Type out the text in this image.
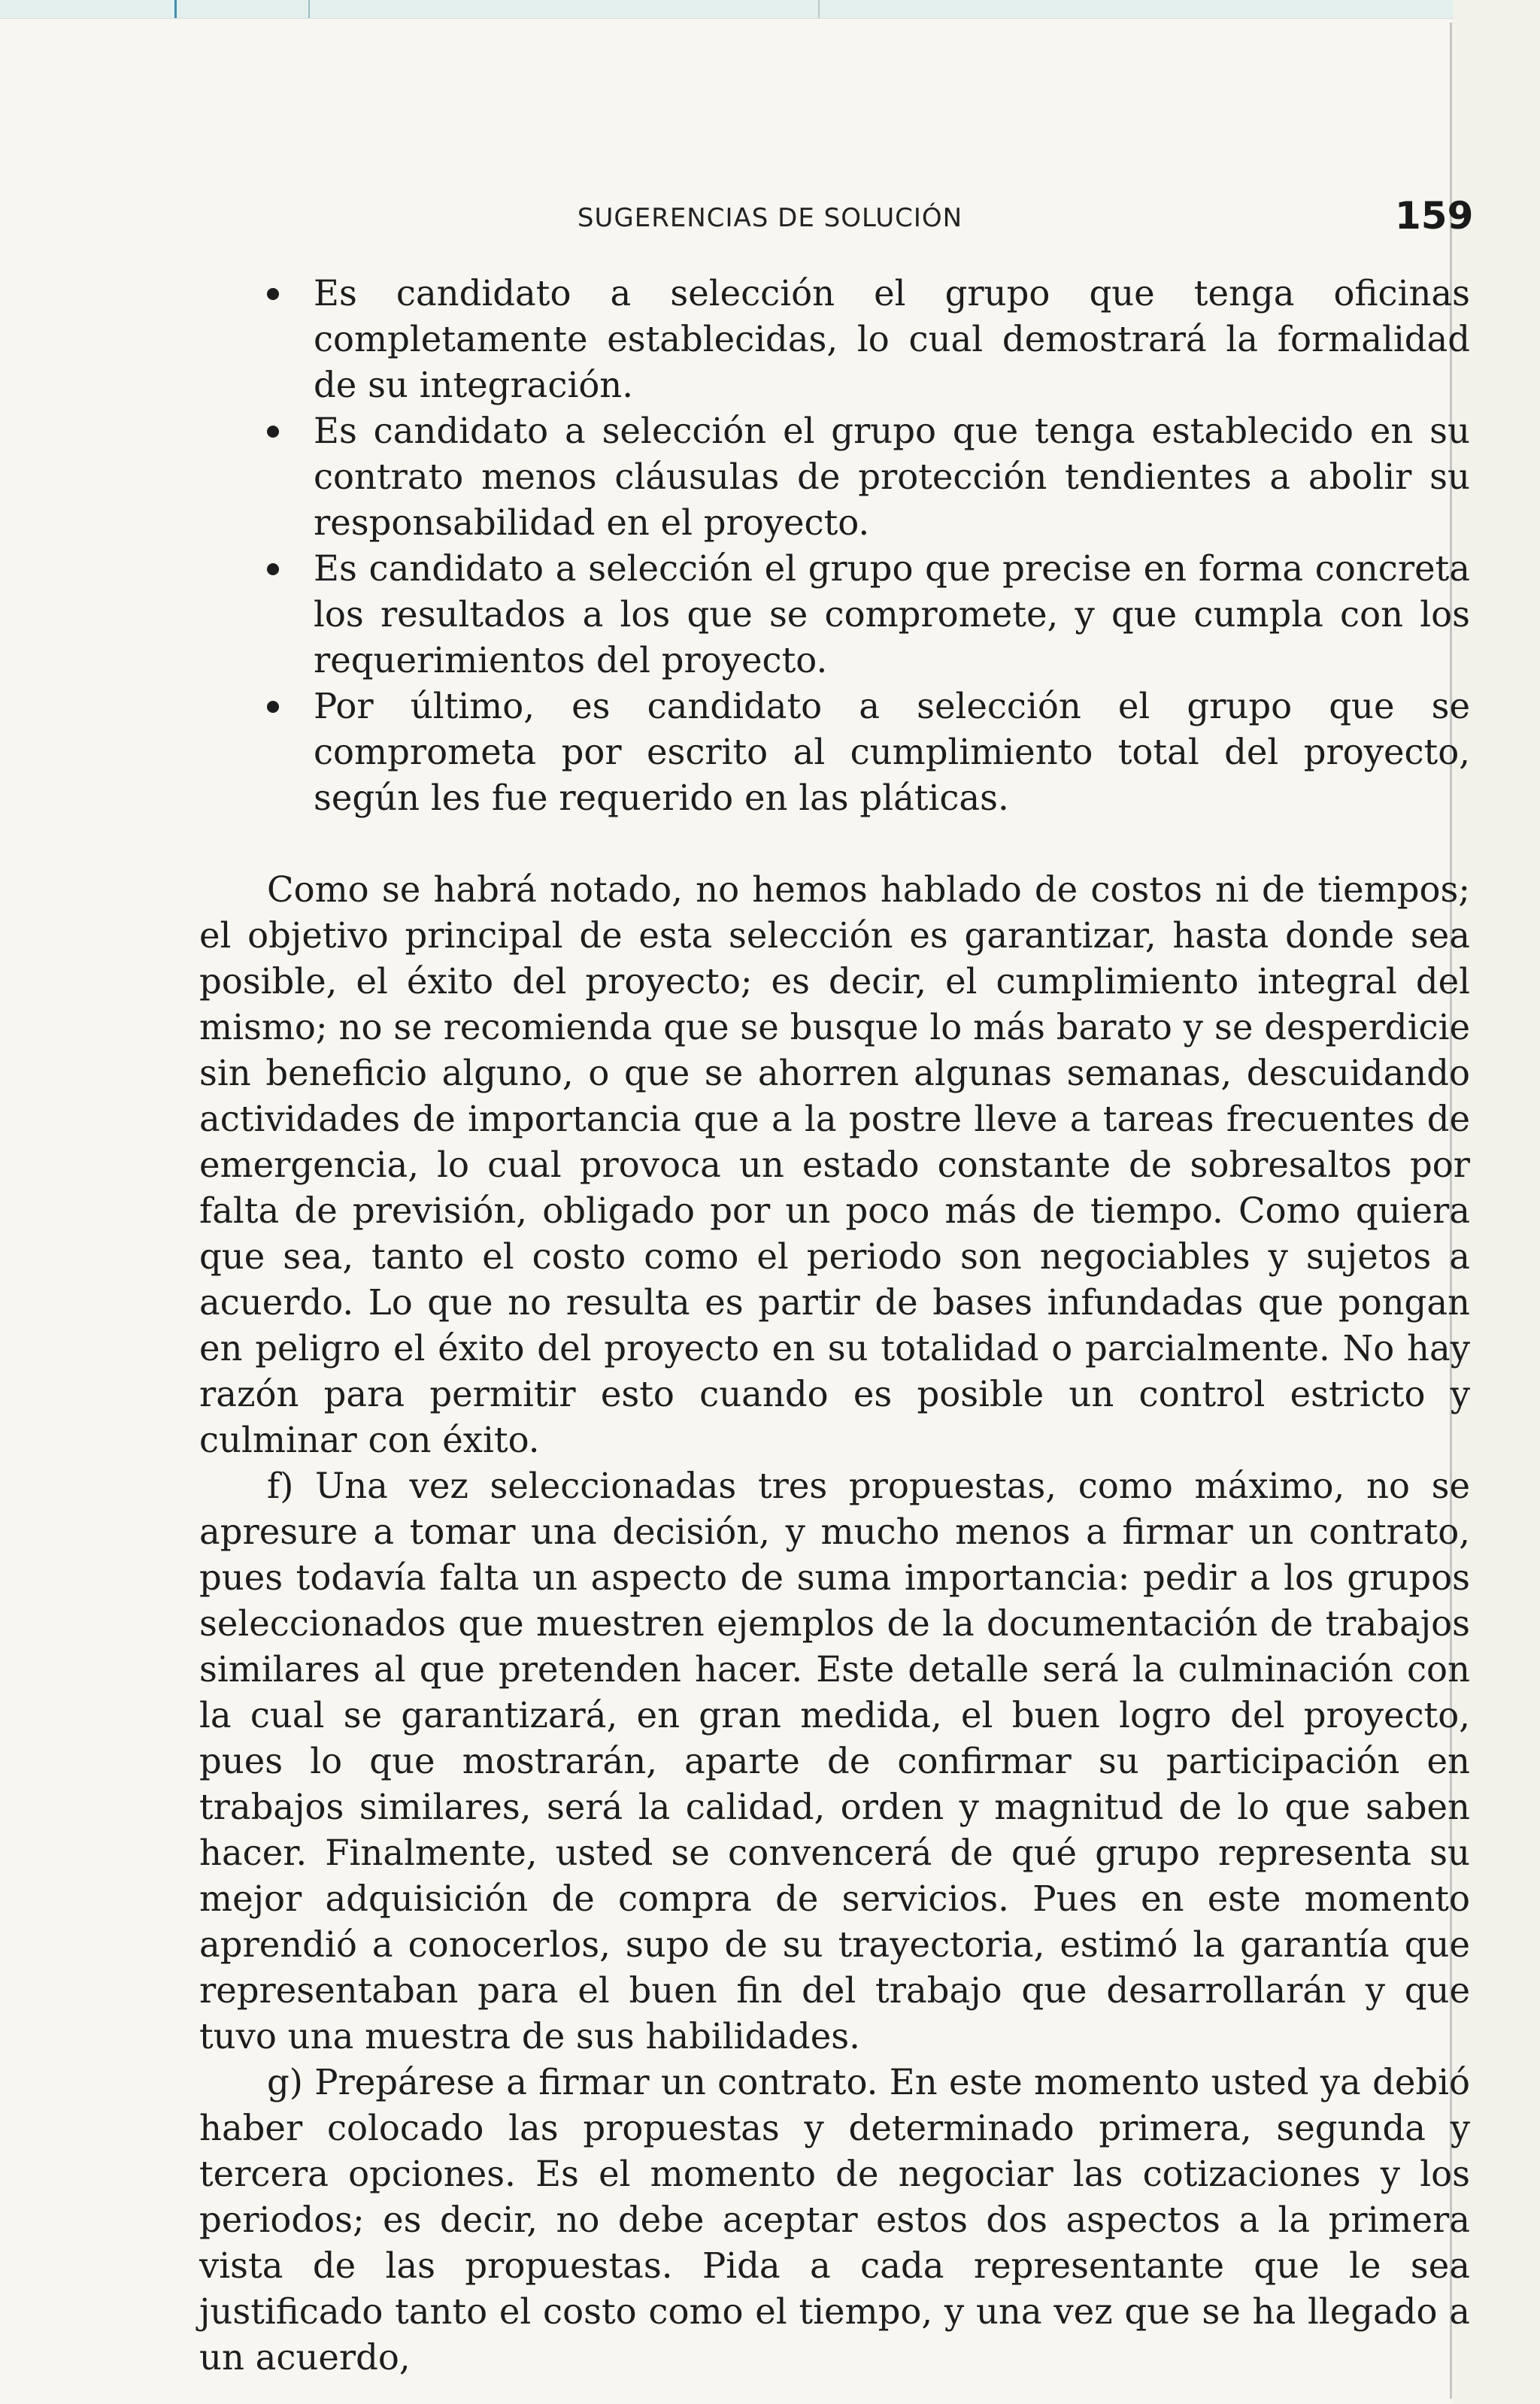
SUGERENCIAS DE SOLUCIÓN	159
Es candidato a selección el grupo que tenga oficinas completamente establecidas, lo cual demostrará la formalidad de su integración.
Es candidato a selección el grupo que tenga establecido en su contrato menos cláusulas de protección tendientes a abolir su responsabilidad en el proyecto.
Es candidato a selección el grupo que precise en forma concreta los resultados a los que se compromete, y que cumpla con los requerimientos del proyecto.
Por último, es candidato a selección el grupo que se comprometa por escrito al cumplimiento total del proyecto, según les fue requerido en las pláticas.

Como se habrá notado, no hemos hablado de costos ni de tiempos; el objetivo principal de esta selección es garantizar, hasta donde sea posible, el éxito del proyecto; es decir, el cumplimiento integral del mismo; no se recomienda que se busque lo más barato y se desperdicie sin beneficio alguno, o que se ahorren algunas semanas, descuidando actividades de importancia que a la postre lleve a tareas frecuentes de emergencia, lo cual provoca un estado constante de sobresaltos por falta de previsión, obligado por un poco más de tiempo. Como quiera que sea, tanto el costo como el periodo son negociables y sujetos a acuerdo. Lo que no resulta es partir de bases infundadas que pongan en peligro el éxito del proyecto en su totalidad o parcialmente. No hay razón para permitir esto cuando es posible un control estricto y culminar con éxito.

f) Una vez seleccionadas tres propuestas, como máximo, no se apresure a tomar una decisión, y mucho menos a firmar un contrato, pues todavía falta un aspecto de suma importancia: pedir a los grupos seleccionados que muestren ejemplos de la documentación de trabajos similares al que pretenden hacer. Este detalle será la culminación con la cual se garantizará, en gran medida, el buen logro del proyecto, pues lo que mostrarán, aparte de confirmar su participación en trabajos similares, será la calidad, orden y magnitud de lo que saben hacer. Finalmente, usted se convencerá de qué grupo representa su mejor adquisición de compra de servicios. Pues en este momento aprendió a conocerlos, supo de su trayectoria, estimó la garantía que representaban para el buen fin del trabajo que desarrollarán y que tuvo una muestra de sus habilidades.

g) Prepárese a firmar un contrato. En este momento usted ya debió haber colocado las propuestas y determinado primera, segunda y tercera opciones. Es el momento de negociar las cotizaciones y los periodos; es decir, no debe aceptar estos dos aspectos a la primera vista de las propuestas. Pida a cada representante que le sea justificado tanto el costo como el tiempo, y una vez que se ha llegado a un acuerdo,
